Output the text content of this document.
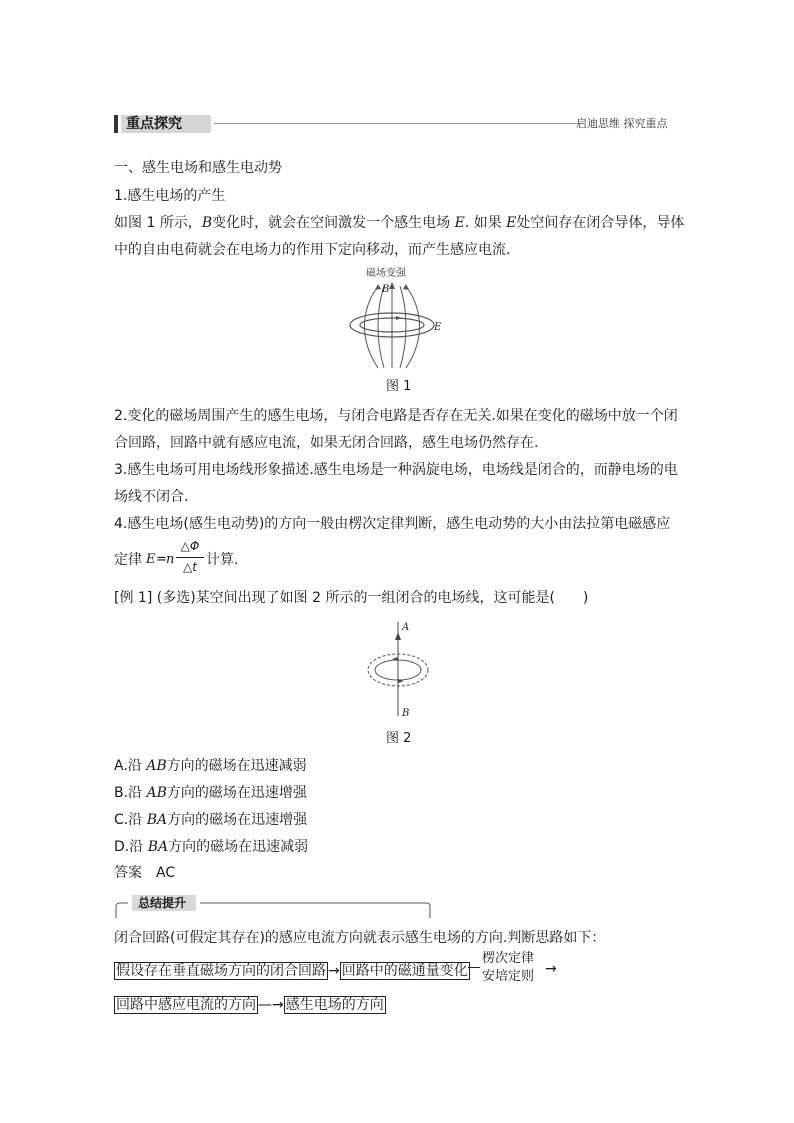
重点探究	启迪思维 探究重点
一、感生电场和感生电动势
1.感生电场的产生
如图 1 所示，B变化时，就会在空间激发一个感生电场 E. 如果 E处空间存在闭合导体，导体
中的自由电荷就会在电场力的作用下定向移动，而产生感应电流.
磁场变强
B
E
图 1
2.变化的磁场周围产生的感生电场，与闭合电路是否存在无关.如果在变化的磁场中放一个闭
合回路，回路中就有感应电流，如果无闭合回路，感生电场仍然存在.
3.感生电场可用电场线形象描述.感生电场是一种涡旋电场，电场线是闭合的，而静电场的电
场线不闭合.
4.感生电场(感生电动势)的方向一般由楞次定律判断，感生电动势的大小由法拉第电磁感应
定律 E = n
△Φ
△t 计算.
[例 1] (多选)某空间出现了如图 2 所示的一组闭合的电场线，这可能是(　　)
A
B
图 2
A.沿 AB方向的磁场在迅速减弱
B.沿 AB方向的磁场在迅速增强
C.沿 BA方向的磁场在迅速增强
D.沿 BA方向的磁场在迅速减弱
答案 AC
总结提升
闭合回路(可假定其存在)的感应电流方向就表示感生电场的方向.判断思路如下：
假设存在垂直磁场方向的闭合回路 → 回路中的磁通量变化
楞次定律
安培定则 →
回路中感应电流的方向 —→ 感生电场的方向
